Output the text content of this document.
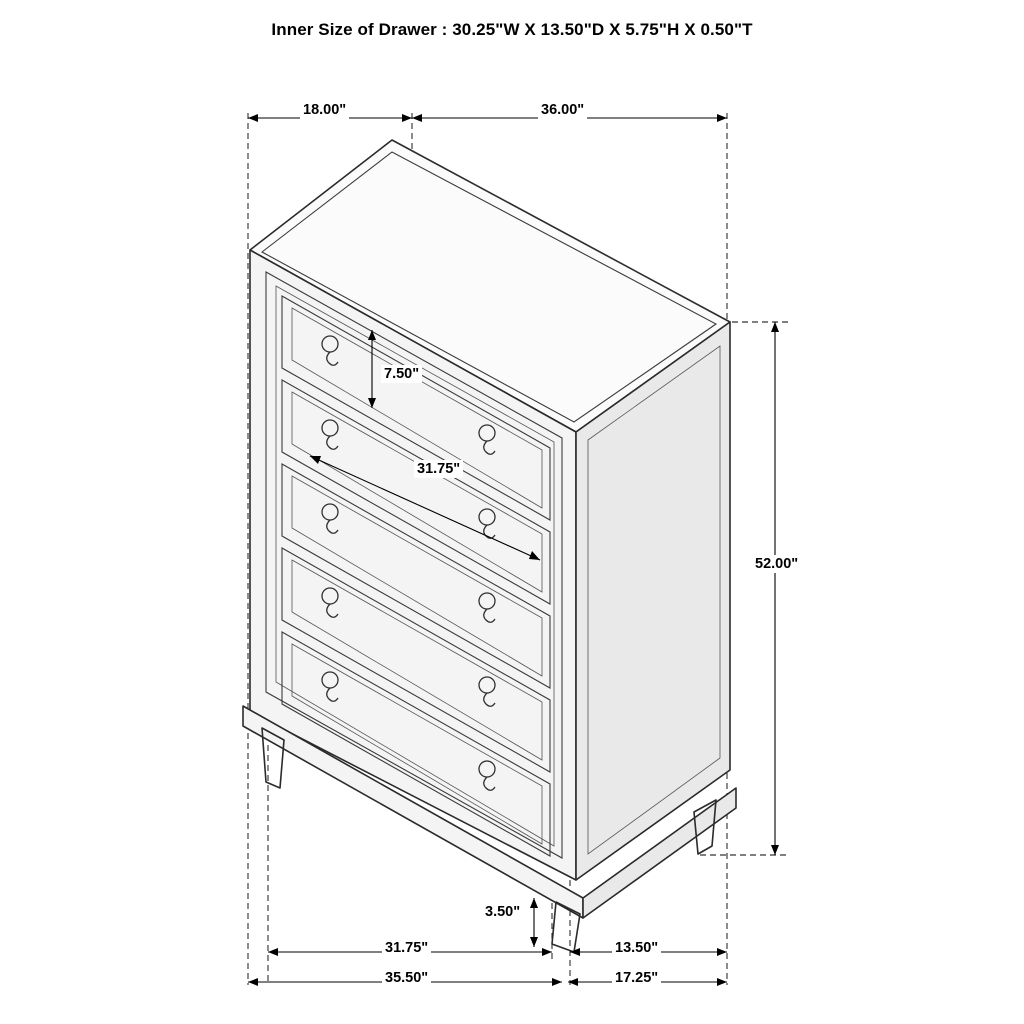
Inner Size of Drawer : 30.25"W X 13.50"D X 5.75"H X 0.50"T
18.00"	36.00"
7.50"
31.75"
52.00"
3.50"
31.75"	13.50"
35.50"	17.25"
